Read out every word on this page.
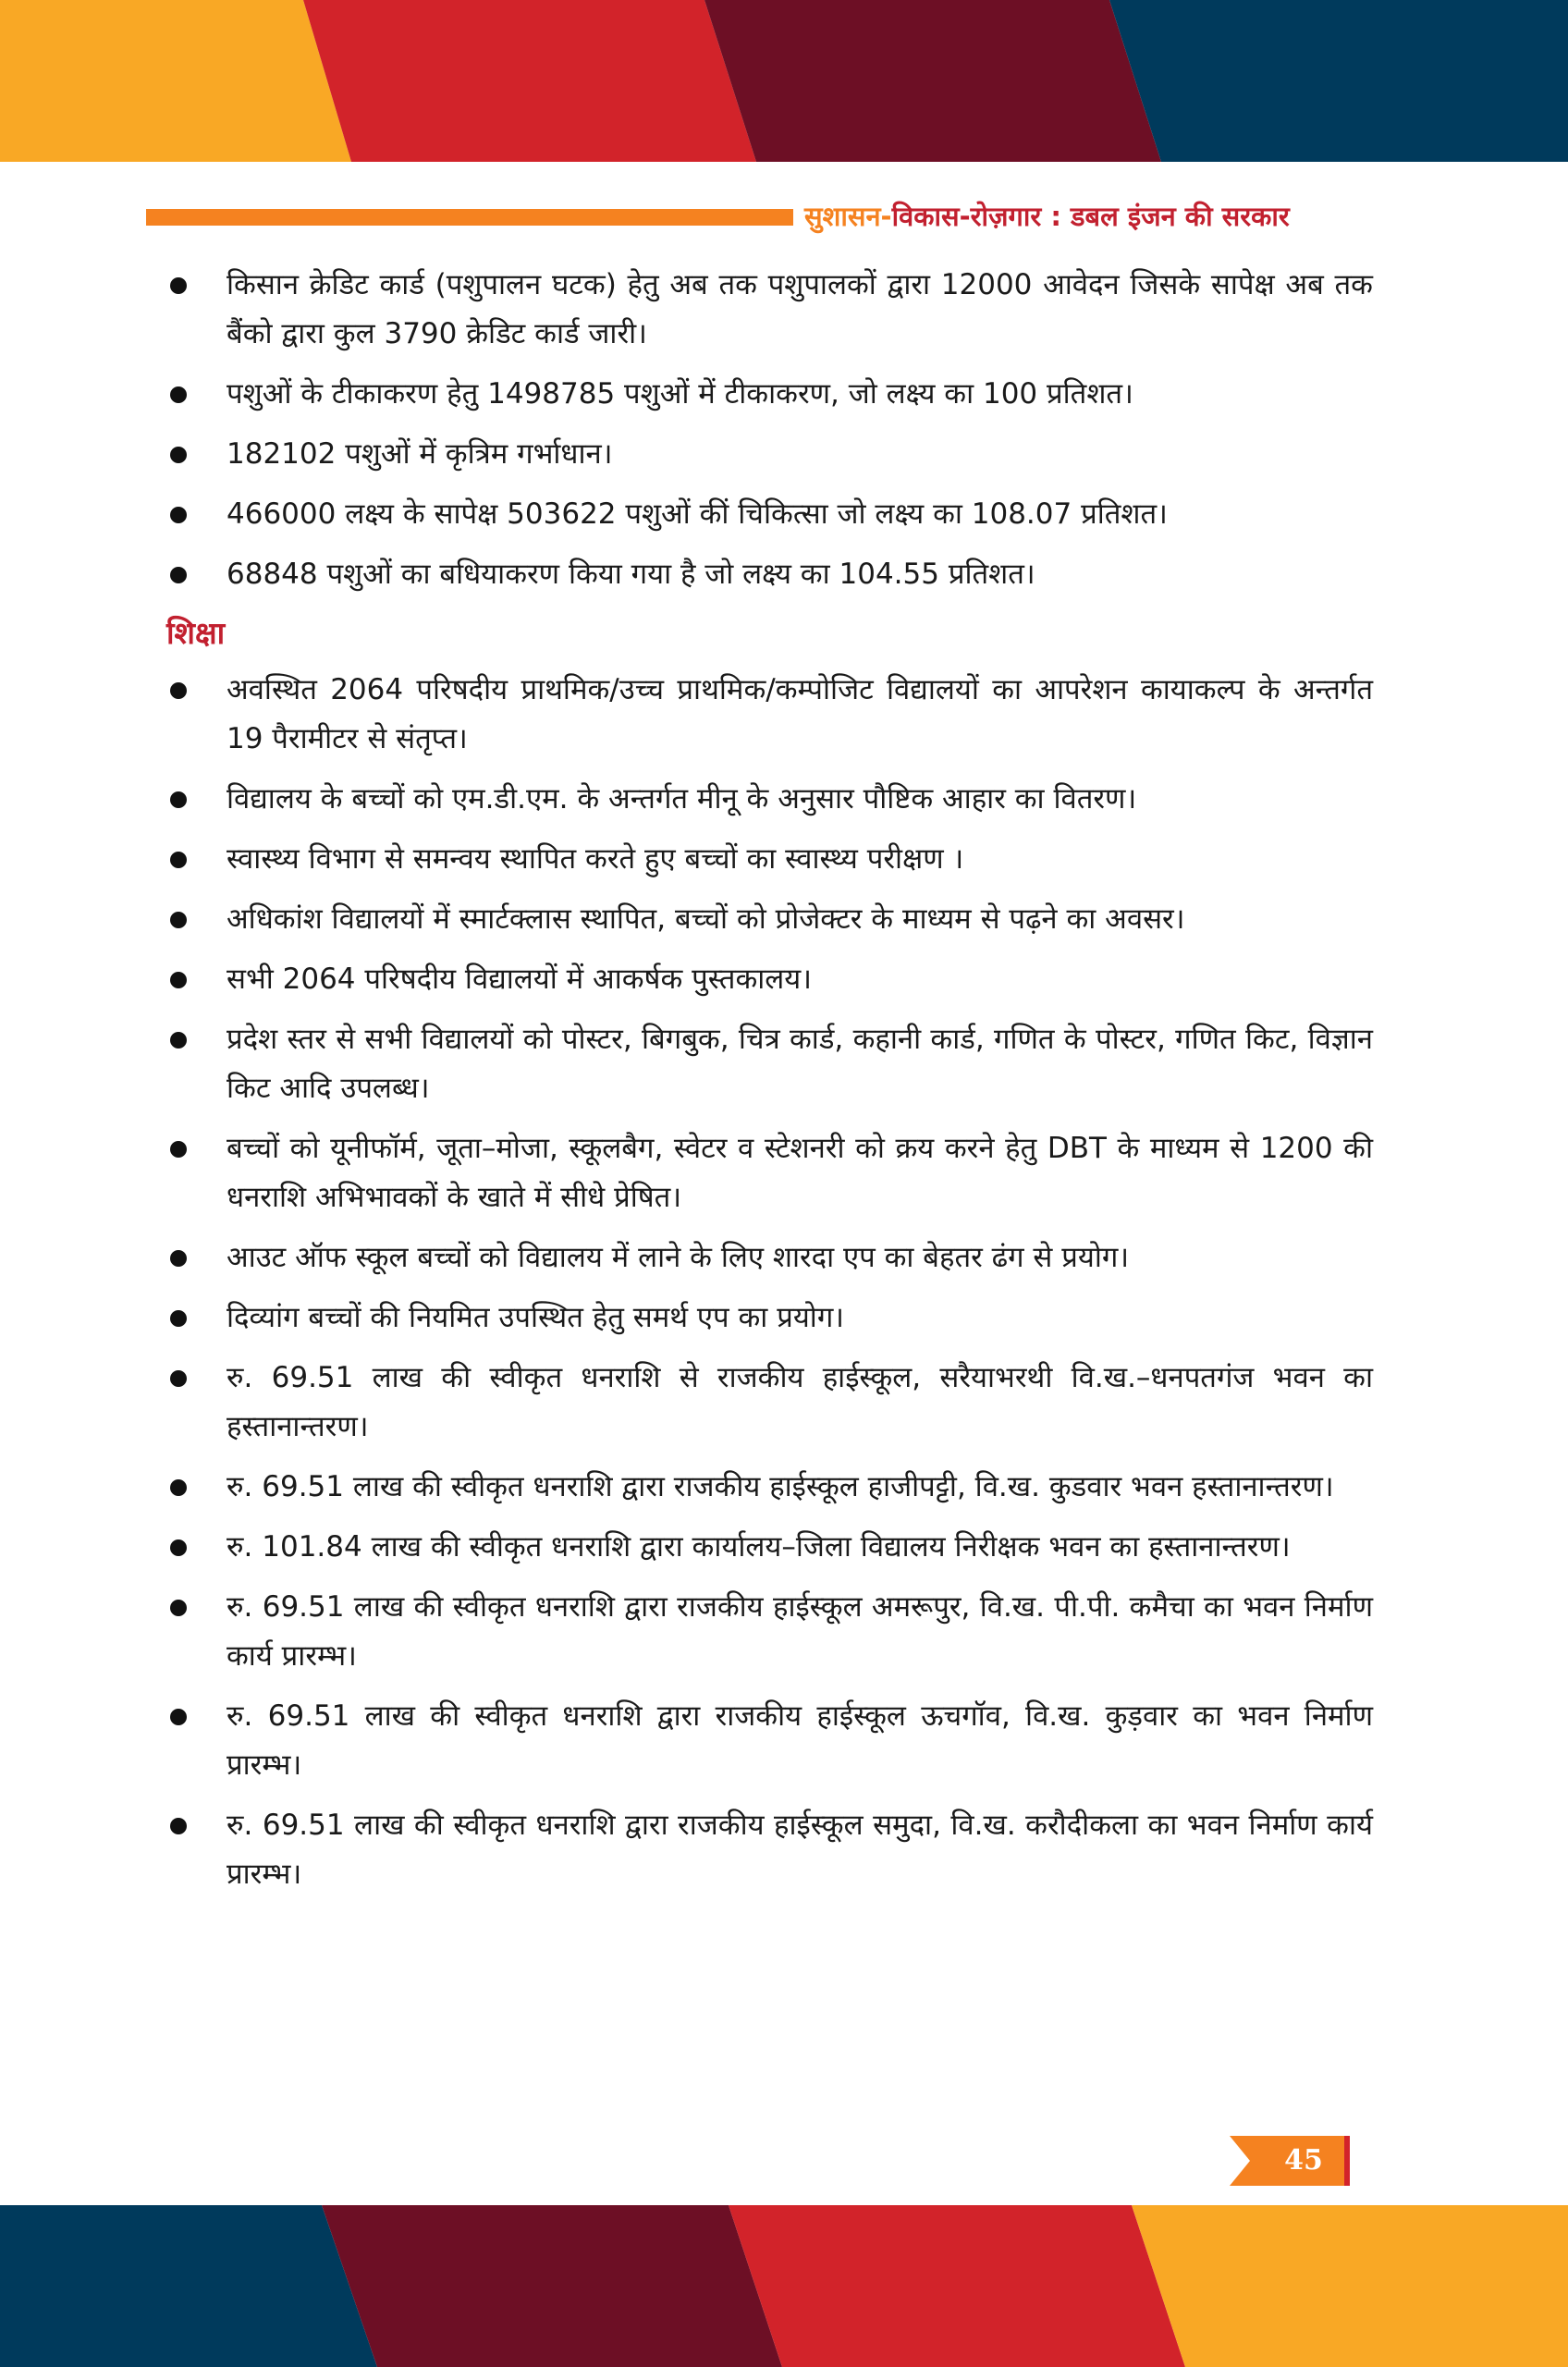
सुशासन-विकास-रोज़गार : डबल इंजन की सरकार
किसान क्रेडिट कार्ड (पशुपालन घटक) हेतु अब तक पशुपालकों द्वारा 12000 आवेदन जिसके सापेक्ष अब तक बैंको द्वारा कुल 3790 क्रेडिट कार्ड जारी।
पशुओं के टीकाकरण हेतु 1498785 पशुओं में टीकाकरण, जो लक्ष्य का 100 प्रतिशत।
182102 पशुओं में कृत्रिम गर्भाधान।
466000 लक्ष्य के सापेक्ष 503622 पशुओं कीं चिकित्सा जो लक्ष्य का 108.07 प्रतिशत।
68848 पशुओं का बधियाकरण किया गया है जो लक्ष्य का 104.55 प्रतिशत।
शिक्षा
अवस्थित 2064 परिषदीय प्राथमिक/उच्च प्राथमिक/कम्पोजिट विद्यालयों का आपरेशन कायाकल्प के अन्तर्गत 19 पैरामीटर से संतृप्त।
विद्यालय के बच्चों को एम.डी.एम. के अन्तर्गत मीनू के अनुसार पौष्टिक आहार का वितरण।
स्वास्थ्य विभाग से समन्वय स्थापित करते हुए बच्चों का स्वास्थ्य परीक्षण ।
अधिकांश विद्यालयों में स्मार्टक्लास स्थापित, बच्चों को प्रोजेक्टर के माध्यम से पढ़ने का अवसर।
सभी 2064 परिषदीय विद्यालयों में आकर्षक पुस्तकालय।
प्रदेश स्तर से सभी विद्यालयों को पोस्टर, बिगबुक, चित्र कार्ड, कहानी कार्ड, गणित के पोस्टर, गणित किट, विज्ञान किट आदि उपलब्ध।
बच्चों को यूनीफॉर्म, जूता–मोजा, स्कूलबैग, स्वेटर व स्टेशनरी को क्रय करने हेतु DBT के माध्यम से 1200 की धनराशि अभिभावकों के खाते में सीधे प्रेषित।
आउट ऑफ स्कूल बच्चों को विद्यालय में लाने के लिए शारदा एप का बेहतर ढंग से प्रयोग।
दिव्यांग बच्चों की नियमित उपस्थित हेतु समर्थ एप का प्रयोग।
रु. 69.51 लाख की स्वीकृत धनराशि से राजकीय हाईस्कूल, सरैयाभरथी वि.ख.–धनपतगंज भवन का हस्तानान्तरण।
रु. 69.51 लाख की स्वीकृत धनराशि द्वारा राजकीय हाईस्कूल हाजीपट्टी, वि.ख. कुडवार भवन हस्तानान्तरण।
रु. 101.84 लाख की स्वीकृत धनराशि द्वारा कार्यालय–जिला विद्यालय निरीक्षक भवन का हस्तानान्तरण।
रु. 69.51 लाख की स्वीकृत धनराशि द्वारा राजकीय हाईस्कूल अमरूपुर, वि.ख. पी.पी. कमैचा का भवन निर्माण कार्य प्रारम्भ।
रु. 69.51 लाख की स्वीकृत धनराशि द्वारा राजकीय हाईस्कूल ऊचगॉव, वि.ख. कुड़वार का भवन निर्माण प्रारम्भ।
रु. 69.51 लाख की स्वीकृत धनराशि द्वारा राजकीय हाईस्कूल समुदा, वि.ख. करौदीकला का भवन निर्माण कार्य प्रारम्भ।
45
